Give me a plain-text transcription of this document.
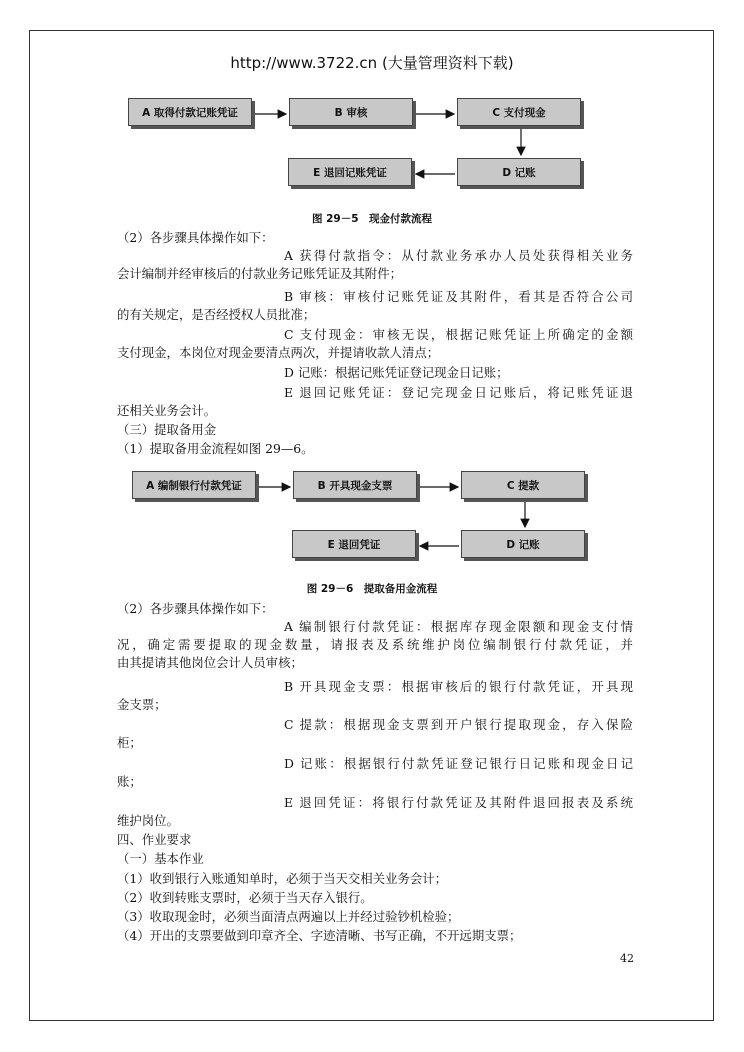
http://www.3722.cn (大量管理资料下载)
A 取得付款记账凭证	B 审核	C 支付现金
D 记账
E 退回记账凭证
图 29－5　现金付款流程
A 编制银行付款凭证	B 开具现金支票	C 提款
D 记账
E 退回凭证
图 29－6　提取备用金流程
（2）各步骤具体操作如下：
A 获得付款指令：从付款业务承办人员处获得相关业务
会计编制并经审核后的付款业务记账凭证及其附件；
B 审核：审核付记账凭证及其附件，看其是否符合公司
的有关规定，是否经授权人员批准；
C 支付现金：审核无误，根据记账凭证上所确定的金额
支付现金，本岗位对现金要清点两次，并提请收款人清点；
D 记账：根据记账凭证登记现金日记账；
E 退回记账凭证：登记完现金日记账后，将记账凭证退
还相关业务会计。
（三）提取备用金
（1）提取备用金流程如图 29—6。
（2）各步骤具体操作如下：
A 编制银行付款凭证：根据库存现金限额和现金支付情
况，确定需要提取的现金数量，请报表及系统维护岗位编制银行付款凭证，并
由其提请其他岗位会计人员审核；
B 开具现金支票：根据审核后的银行付款凭证，开具现
金支票；
C 提款：根据现金支票到开户银行提取现金，存入保险
柜；
D 记账：根据银行付款凭证登记银行日记账和现金日记
账；
E 退回凭证：将银行付款凭证及其附件退回报表及系统
维护岗位。
四、作业要求
（一）基本作业
（1）收到银行入账通知单时，必须于当天交相关业务会计；
（2）收到转账支票时，必须于当天存入银行。
（3）收取现金时，必须当面清点两遍以上并经过验钞机检验；
（4）开出的支票要做到印章齐全、字迹清晰、书写正确，不开远期支票；
42
